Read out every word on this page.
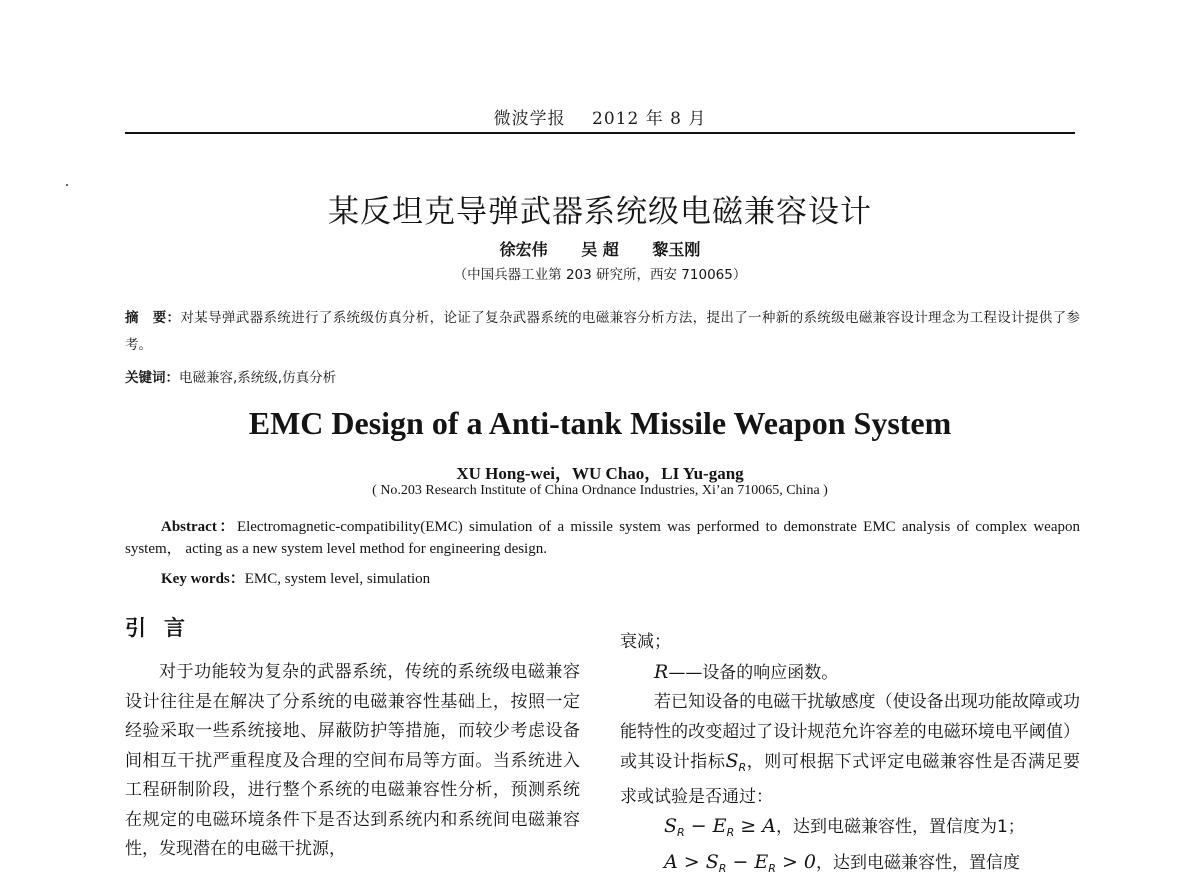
微波学报 2012 年 8 月
某反坦克导弹武器系统级电磁兼容设计
徐宏伟 吴 超 黎玉刚
（中国兵器工业第 203 研究所，西安 710065）
摘　要：对某导弹武器系统进行了系统级仿真分析，论证了复杂武器系统的电磁兼容分析方法，提出了一种新的系统级电磁兼容设计理念为工程设计提供了参考。
关键词：电磁兼容,系统级,仿真分析
EMC Design of a Anti-tank Missile Weapon System
XU Hong-wei，WU Chao，LI Yu-gang
( No.203 Research Institute of China Ordnance Industries, Xi’an 710065, China )
Abstract：Electromagnetic-compatibility(EMC) simulation of a missile system was performed to demonstrate EMC analysis of complex weapon system， acting as a new system level method for engineering design.
Key words：EMC, system level, simulation
引言

对于功能较为复杂的武器系统，传统的系统级电磁兼容设计往往是在解决了分系统的电磁兼容性基础上，按照一定经验采取一些系统接地、屏蔽防护等措施，而较少考虑设备间相互干扰严重程度及合理的空间布局等方面。当系统进入工程研制阶段，进行整个系统的电磁兼容性分析，预测系统在规定的电磁环境条件下是否达到系统内和系统间电磁兼容性，发现潜在的电磁干扰源，

衰减；

R——设备的响应函数。

若已知设备的电磁干扰敏感度（使设备出现功能故障或功能特性的改变超过了设计规范允许容差的电磁环境电平阈值）或其设计指标$S_R$，则可根据下式评定电磁兼容性是否满足要求或试验是否通过：

$S_R - E_R \ge A$，达到电磁兼容性，置信度为1；

$A > S_R - E_R > 0$，达到电磁兼容性，置信度
